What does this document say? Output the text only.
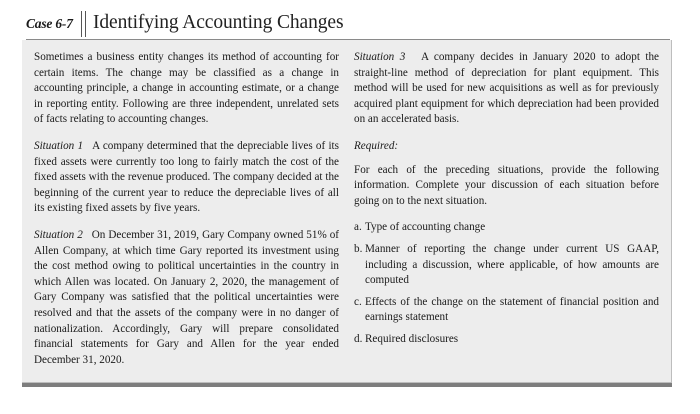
Case 6-7 Identifying Accounting Changes

Sometimes a business entity changes its method of accounting for certain items. The change may be classified as a change in accounting principle, a change in accounting estimate, or a change in reporting entity. Following are three independent, unrelated sets of facts relating to accounting changes.

Situation 1 A company determined that the depreciable lives of its fixed assets were currently too long to fairly match the cost of the fixed assets with the revenue produced. The company decided at the beginning of the current year to reduce the depreciable lives of all its existing fixed assets by five years.

Situation 2 On December 31, 2019, Gary Company owned 51% of Allen Company, at which time Gary reported its investment using the cost method owing to political uncertainties in the country in which Allen was located. On January 2, 2020, the management of Gary Company was satisfied that the political uncertainties were resolved and that the assets of the company were in no danger of nationalization. Accordingly, Gary will prepare consolidated financial statements for Gary and Allen for the year ended December 31, 2020.

Situation 3 A company decides in January 2020 to adopt the straight-line method of depreciation for plant equipment. This method will be used for new acquisitions as well as for previously acquired plant equipment for which depreciation had been provided on an accelerated basis.

Required:

For each of the preceding situations, provide the following information. Complete your discussion of each situation before going on to the next situation.

a. Type of accounting change
b. Manner of reporting the change under current US GAAP, including a discussion, where applicable, of how amounts are computed
c. Effects of the change on the statement of financial position and earnings statement
d. Required disclosures
